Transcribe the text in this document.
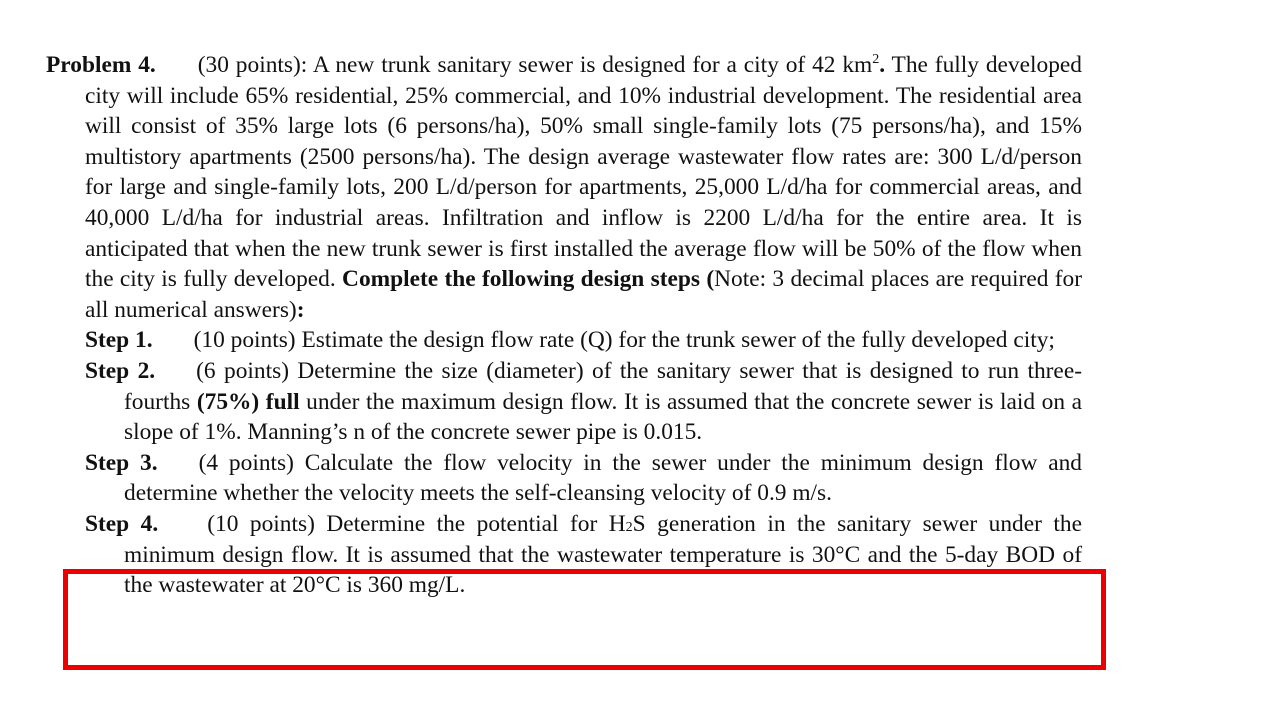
Problem 4. (30 points): A new trunk sanitary sewer is designed for a city of 42 $km^2$. The fully developed city will include 65% residential, 25% commercial, and 10% industrial development. The residential area will consist of 35% large lots (6 persons/ha), 50% small single-family lots (75 persons/ha), and 15% multistory apartments (2500 persons/ha). The design average wastewater flow rates are: 300 L/d/person for large and single-family lots, 200 L/d/person for apartments, 25,000 L/d/ha for commercial areas, and 40,000 L/d/ha for industrial areas. Infiltration and inflow is 2200 L/d/ha for the entire area. It is anticipated that when the new trunk sewer is first installed the average flow will be 50% of the flow when the city is fully developed. Complete the following design steps (Note: 3 decimal places are required for all numerical answers):

Step 1. (10 points) Estimate the design flow rate (Q) for the trunk sewer of the fully developed city;

Step 2. (6 points) Determine the size (diameter) of the sanitary sewer that is designed to run three-fourths (75%) full under the maximum design flow. It is assumed that the concrete sewer is laid on a slope of 1%. Manning’s n of the concrete sewer pipe is 0.015.

Step 3. (4 points) Calculate the flow velocity in the sewer under the minimum design flow and determine whether the velocity meets the self-cleansing velocity of 0.9 m/s.

Step 4. (10 points) Determine the potential for H2S generation in the sanitary sewer under the minimum design flow. It is assumed that the wastewater temperature is 30°C and the 5-day BOD of the wastewater at 20°C is 360 mg/L.
